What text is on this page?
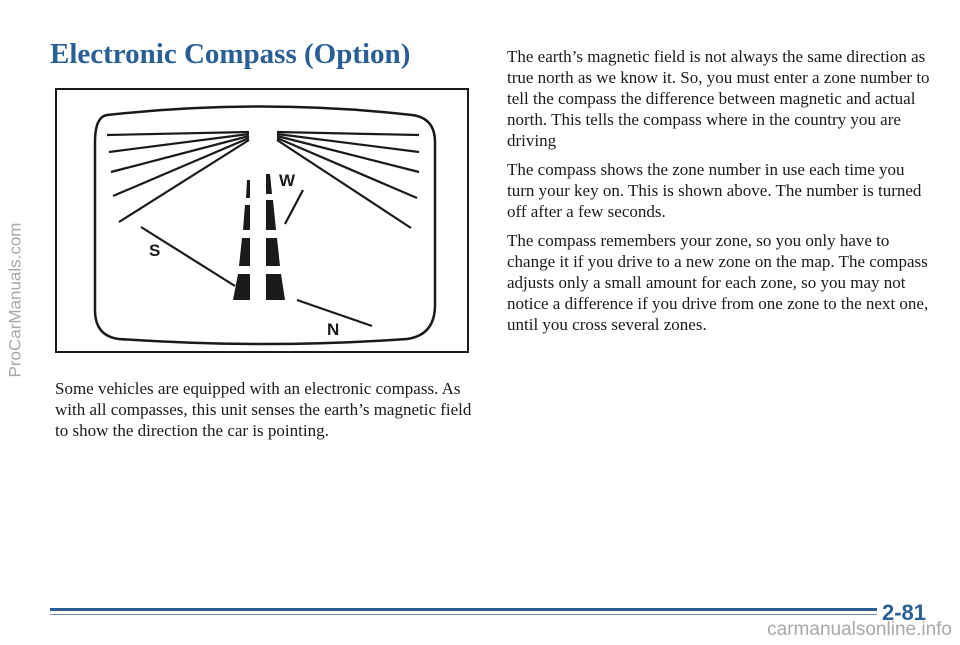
ProCarManuals.com
Electronic Compass (Option)
S
W
N

Some vehicles are equipped with an electronic compass. As with all compasses, this unit senses the earth’s magnetic field to show the direction the car is pointing.

The earth’s magnetic field is not always the same direction as true north as we know it. So, you must enter a zone number to tell the compass the difference between magnetic and actual north. This tells the compass where in the country you are driving

The compass shows the zone number in use each time you turn your key on. This is shown above. The number is turned off after a few seconds.

The compass remembers your zone, so you only have to change it if you drive to a new zone on the map. The compass adjusts only a small amount for each zone, so you may not notice a difference if you drive from one zone to the next one, until you cross several zones.

2-81
carmanualsonline.info
